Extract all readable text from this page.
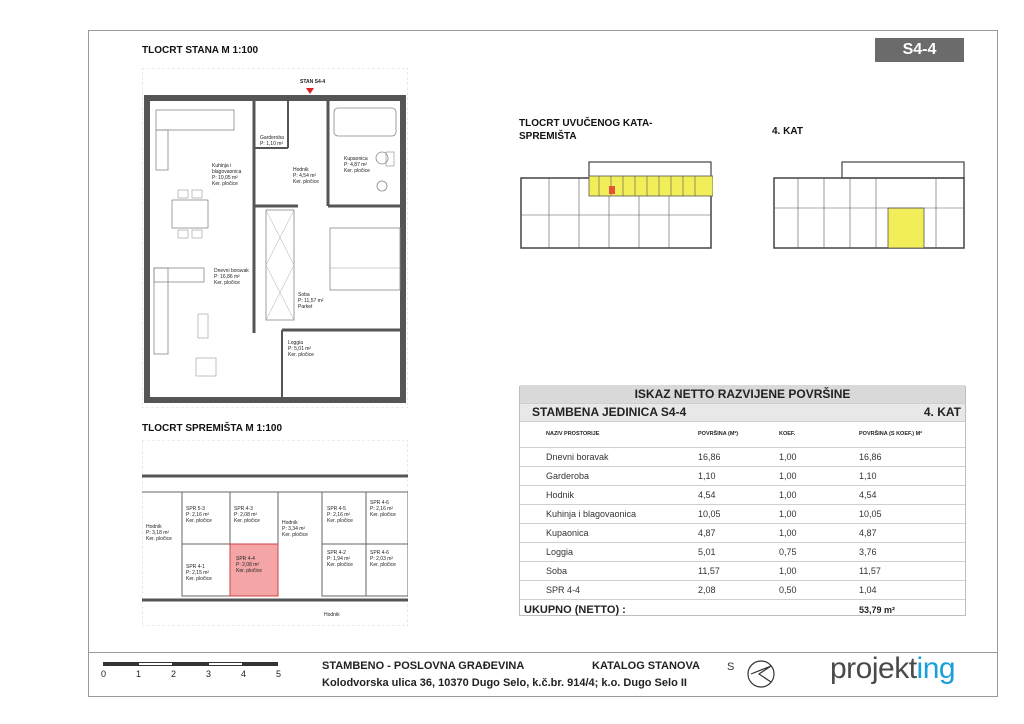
S4-4
TLOCRT STANA M 1:100
STAN S4-4
Garderoba
P: 1,10 m²
Kuhinja i blagovaonica
P: 10,05 m²
Ker. pločice
Hodnik
P: 4,54 m²
Ker. pločice
Kupaonica
P: 4,87 m²
Ker. pločice
Dnevni boravak
P: 16,86 m²
Ker. pločice
Soba
P: 11,57 m²
Parket
Loggia
P: 5,01 m²
Ker. pločice
TLOCRT SPREMIŠTA M 1:100
SPR 5-3
P: 2,16 m²
Ker. pločice
SPR 4-3
P: 2,08 m²
Ker. pločice
SPR 4-5
P: 2,16 m²
Ker. pločice
SPR 4-6
P: 2,16 m²
Ker. pločice
SPR 4-1
P: 2,15 m²
Ker. pločice
SPR 4-4
P: 2,08 m²
Ker. pločice
SPR 4-2
P: 1,94 m²
Ker. pločice
SPR 4-6
P: 2,03 m²
Ker. pločice
Hodnik
P: 3,18 m²
Ker. pločice
Hodnik
P: 3,34 m²
Ker. pločice
Hodnik
TLOCRT UVUČENOG KATA-
SPREMIŠTA	4. KAT
ISKAZ NETTO RAZVIJENE POVRŠINE			
STAMBENA JEDINICA S4-4			4. KAT
NAZIV PROSTORIJE	POVRŠINA (M²)	KOEF.	POVRŠINA (S KOEF.) M²
Dnevni boravak	16,86	1,00	16,86
Garderoba	1,10	1,00	1,10
Hodnik	4,54	1,00	4,54
Kuhinja i blagovaonica	10,05	1,00	10,05
Kupaonica	4,87	1,00	4,87
Loggia	5,01	0,75	3,76
Soba	11,57	1,00	11,57
SPR 4-4	2,08	0,50	1,04
UKUPNO (NETTO) :			53,79 m²
0	1	2	3	4	5
STAMBENO - POSLOVNA GRAĐEVINA	KATALOG STANOVA
Kolodvorska ulica 36, 10370 Dugo Selo, k.č.br. 914/4; k.o. Dugo Selo II
S	projekting
